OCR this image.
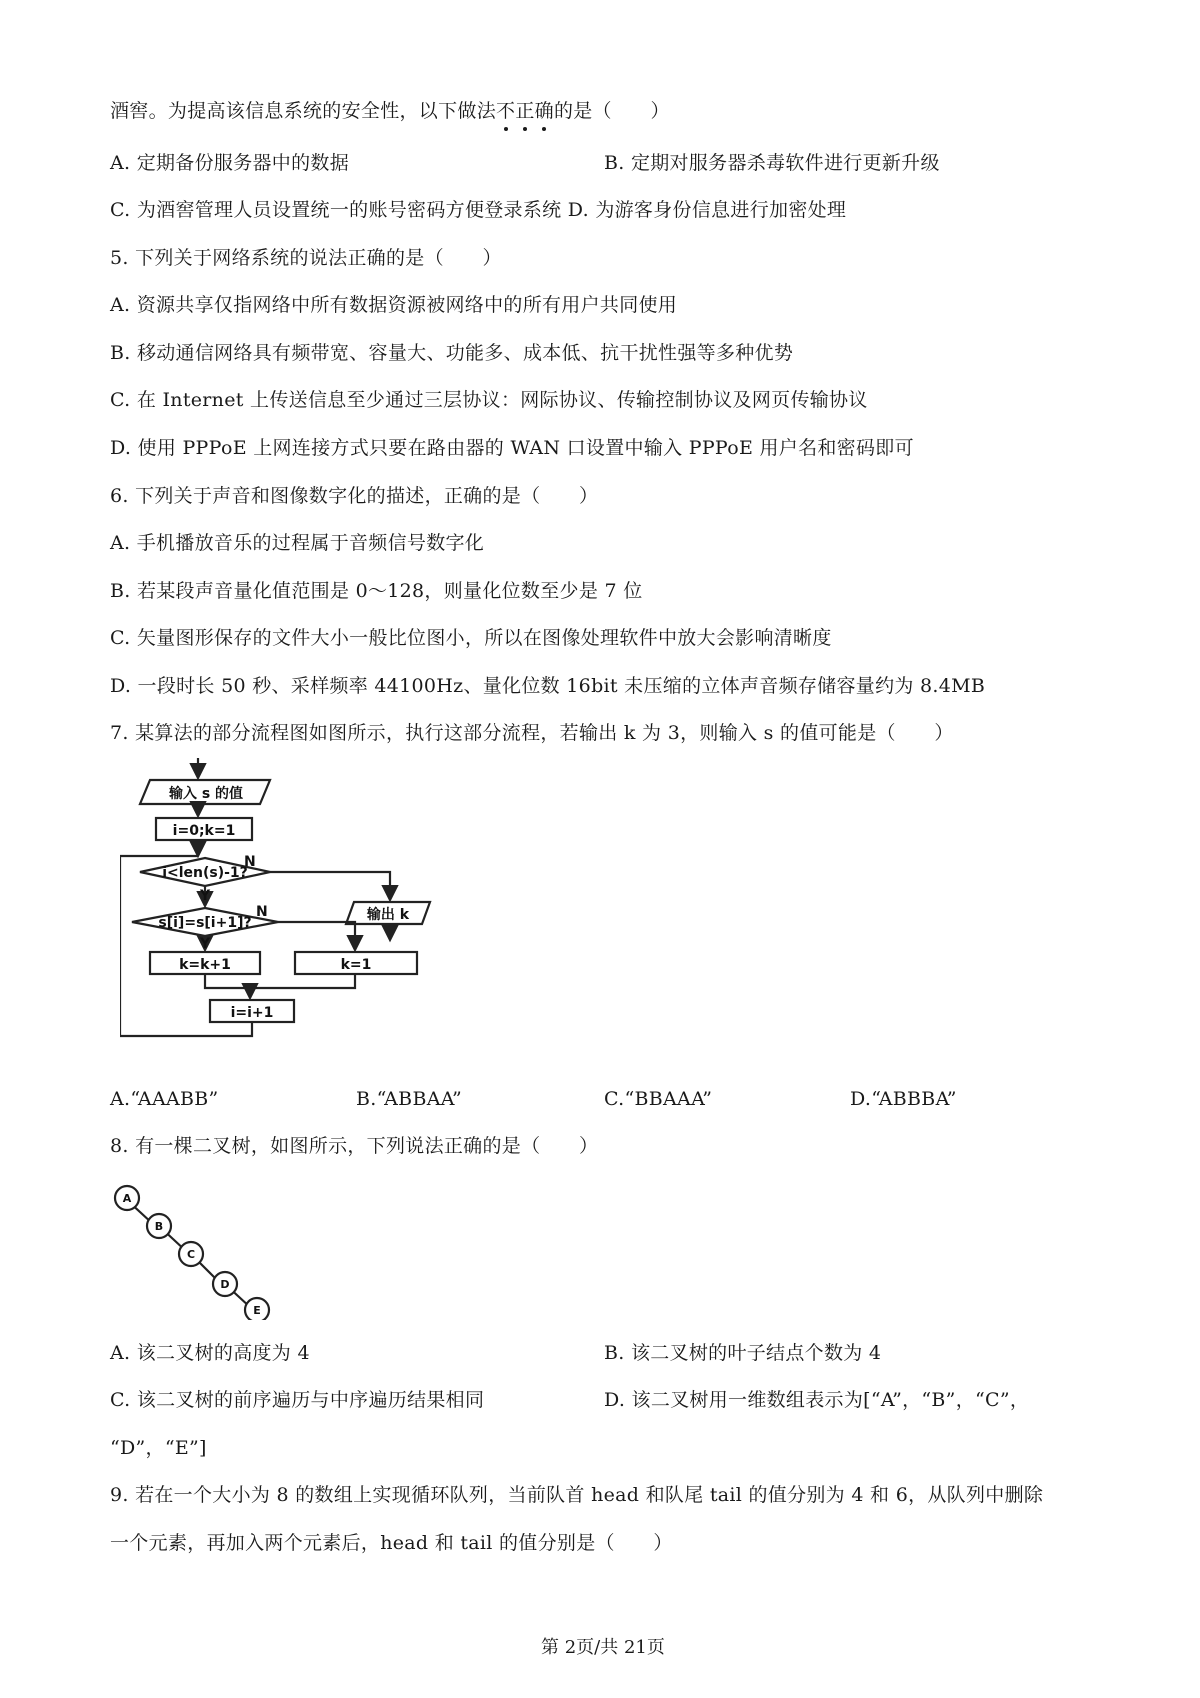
酒窖。为提高该信息系统的安全性，以下做法不正确的是（　　）
A. 定期备份服务器中的数据	B. 定期对服务器杀毒软件进行更新升级
C. 为酒窖管理人员设置统一的账号密码方便登录系统 D. 为游客身份信息进行加密处理
5. 下列关于网络系统的说法正确的是（　　）
A. 资源共享仅指网络中所有数据资源被网络中的所有用户共同使用
B. 移动通信网络具有频带宽、容量大、功能多、成本低、抗干扰性强等多种优势
C. 在 Internet 上传送信息至少通过三层协议：网际协议、传输控制协议及网页传输协议
D. 使用 PPPoE 上网连接方式只要在路由器的 WAN 口设置中输入 PPPoE 用户名和密码即可
6. 下列关于声音和图像数字化的描述，正确的是（　　）
A. 手机播放音乐的过程属于音频信号数字化
B. 若某段声音量化值范围是 0～128，则量化位数至少是 7 位
C. 矢量图形保存的文件大小一般比位图小，所以在图像处理软件中放大会影响清晰度
D. 一段时长 50 秒、采样频率 44100Hz、量化位数 16bit 未压缩的立体声音频存储容量约为 8.4MB
7. 某算法的部分流程图如图所示，执行这部分流程，若输出 k 为 3，则输入 s 的值可能是（　　）
输入 s 的值
i=0;k=1
i<len(s)-1?
N
Y
输出 k
s[i]=s[i+1]?
N
Y
k=k+1	k=1
i=i+1
A.“AAABB”	B.“ABBAA”	C.“BBAAA”	D.“ABBBA”
8. 有一棵二叉树，如图所示，下列说法正确的是（　　）
A
B
C
D
E
A. 该二叉树的高度为 4	B. 该二叉树的叶子结点个数为 4
C. 该二叉树的前序遍历与中序遍历结果相同	D. 该二叉树用一维数组表示为[“A”，“B”，“C”，
“D”，“E”]
9. 若在一个大小为 8 的数组上实现循环队列，当前队首 head 和队尾 tail 的值分别为 4 和 6，从队列中删除
一个元素，再加入两个元素后，head 和 tail 的值分别是（　　）
第 2页/共 21页
